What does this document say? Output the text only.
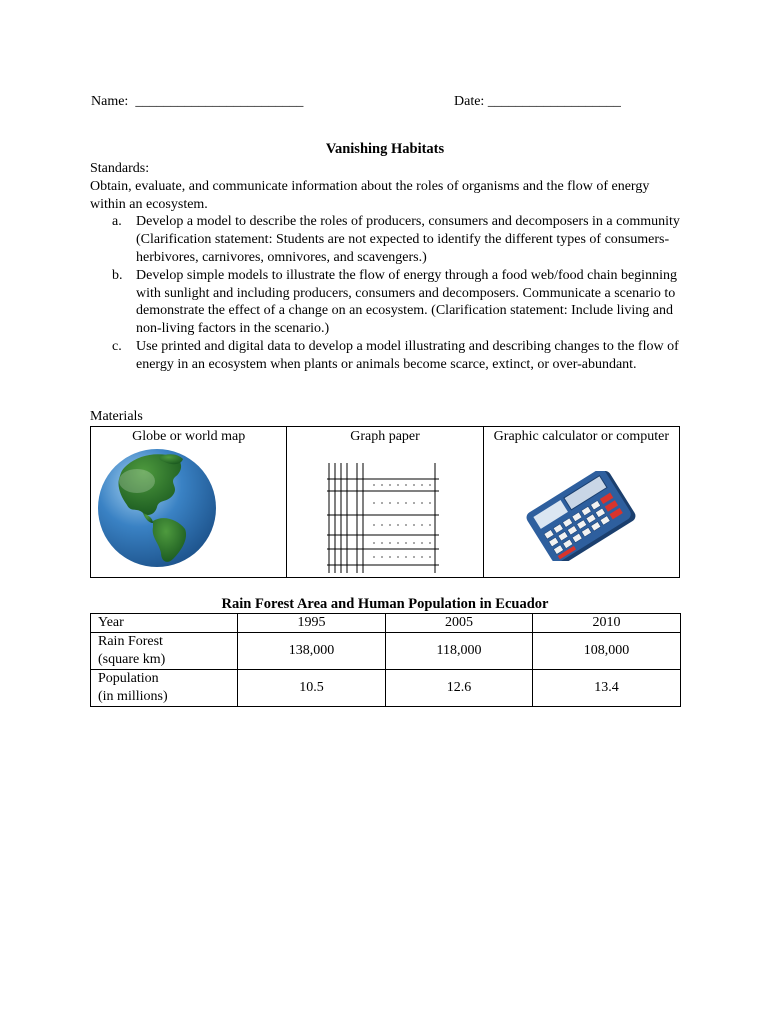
Name:  ________________________	Date: ___________________
Vanishing Habitats

Standards:

Obtain, evaluate, and communicate information about the roles of organisms and the flow of energy within an ecosystem.

a. Develop a model to describe the roles of producers, consumers and decomposers in a community (Clarification statement: Students are not expected to identify the different types of consumers- herbivores, carnivores, omnivores, and scavengers.)
b. Develop simple models to illustrate the flow of energy through a food web/food chain beginning with sunlight and including producers, consumers and decomposers. Communicate a scenario to demonstrate the effect of a change on an ecosystem. (Clarification statement: Include living and non-living factors in the scenario.)
c. Use printed and digital data to develop a model illustrating and describing changes to the flow of energy in an ecosystem when plants or animals become scarce, extinct, or over-abundant.
Materials
Globe or world map	Graph paper	Graphic calculator or computer
Rain Forest Area and Human Population in Ecuador
Year	1995	2005	2010

Rain Forest
(square km)	138,000	118,000	108,000

Population
(in millions)	10.5	12.6	13.4
